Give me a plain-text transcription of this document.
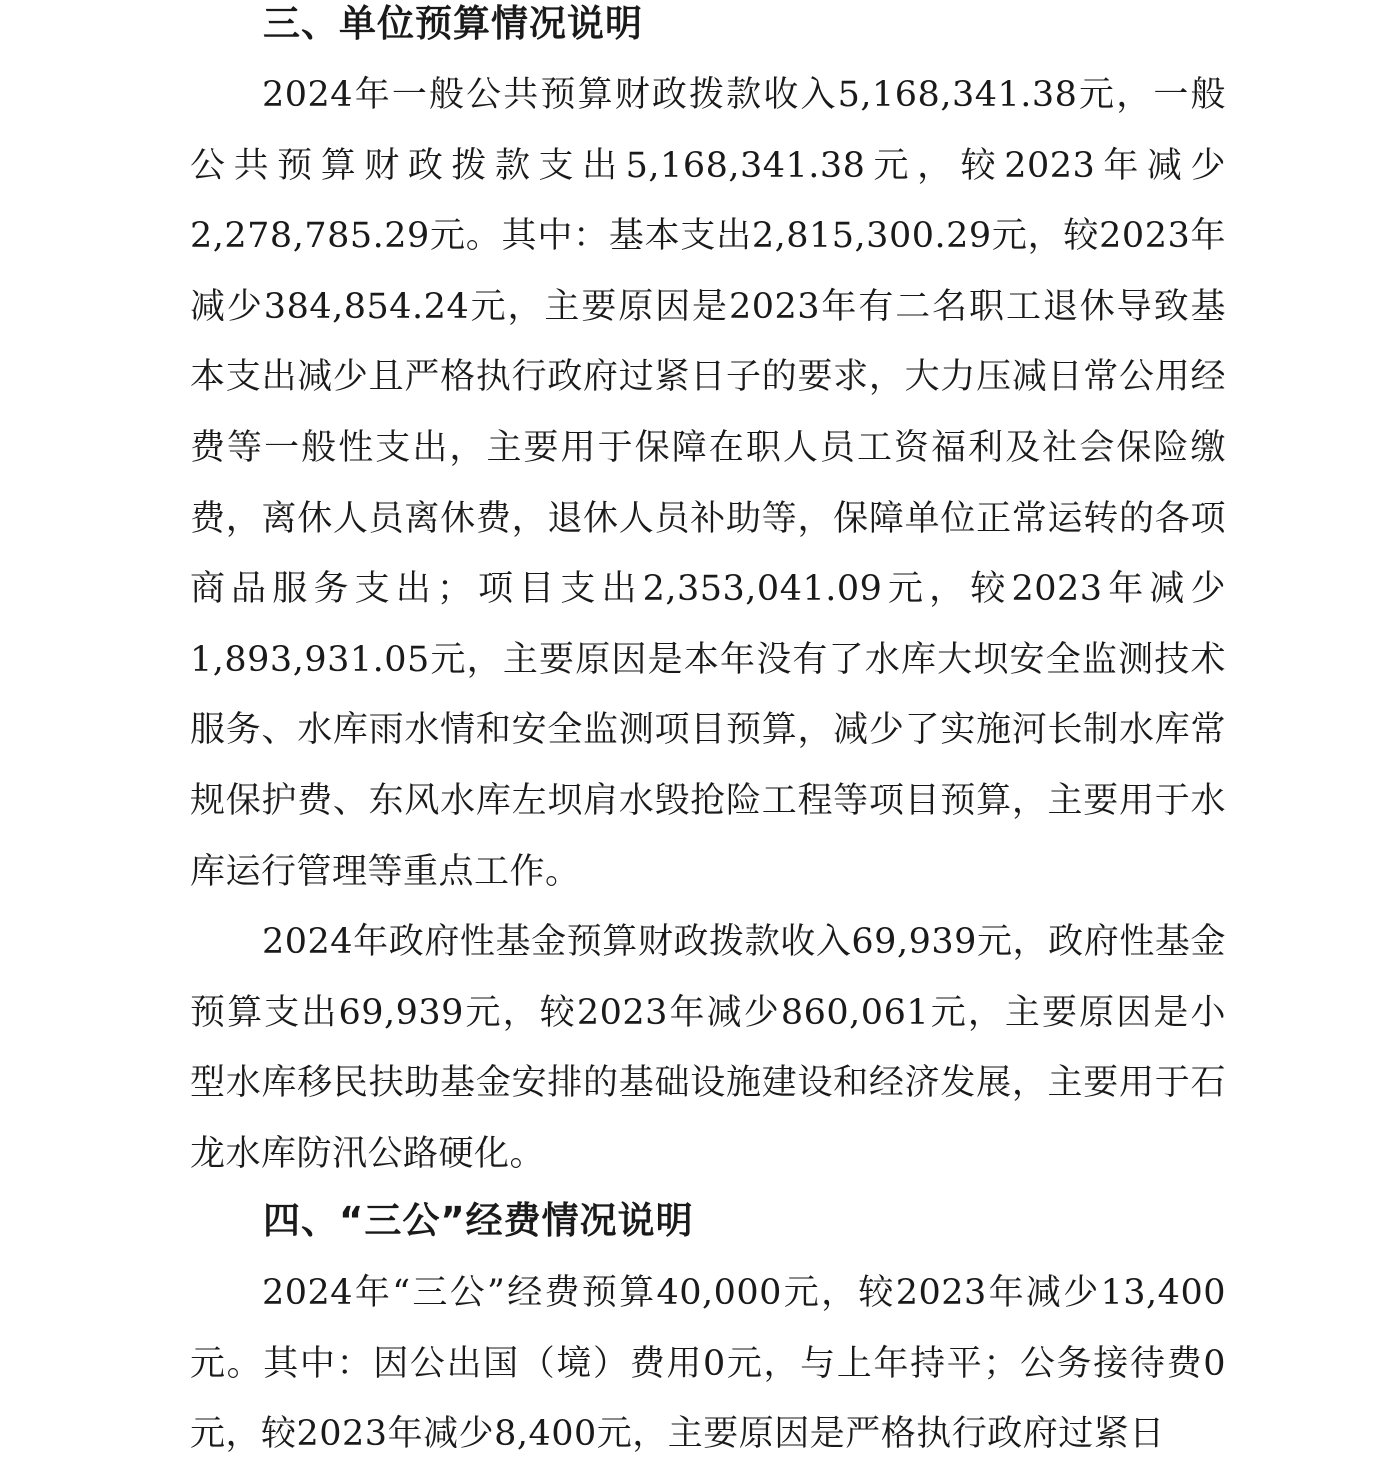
三、单位预算情况说明

2024年一般公共预算财政拨款收入5,168,341.38元，一般公共预算财政拨款支出5,168,341.38元，较2023年减少2,278,785.29元。其中：基本支出2,815,300.29元，较2023年减少384,854.24元，主要原因是2023年有二名职工退休导致基本支出减少且严格执行政府过紧日子的要求，大力压减日常公用经费等一般性支出，主要用于保障在职人员工资福利及社会保险缴费，离休人员离休费，退休人员补助等，保障单位正常运转的各项商品服务支出；项目支出2,353,041.09元，较2023年减少1,893,931.05元，主要原因是本年没有了水库大坝安全监测技术服务、水库雨水情和安全监测项目预算，减少了实施河长制水库常规保护费、东风水库左坝肩水毁抢险工程等项目预算，主要用于水库运行管理等重点工作。

2024年政府性基金预算财政拨款收入69,939元，政府性基金预算支出69,939元，较2023年减少860,061元，主要原因是小型水库移民扶助基金安排的基础设施建设和经济发展，主要用于石龙水库防汛公路硬化。

四、“三公”经费情况说明

2024年“三公”经费预算40,000元，较2023年减少13,400元。其中：因公出国（境）费用0元，与上年持平；公务接待费0元，较2023年减少8,400元，主要原因是严格执行政府过紧日
